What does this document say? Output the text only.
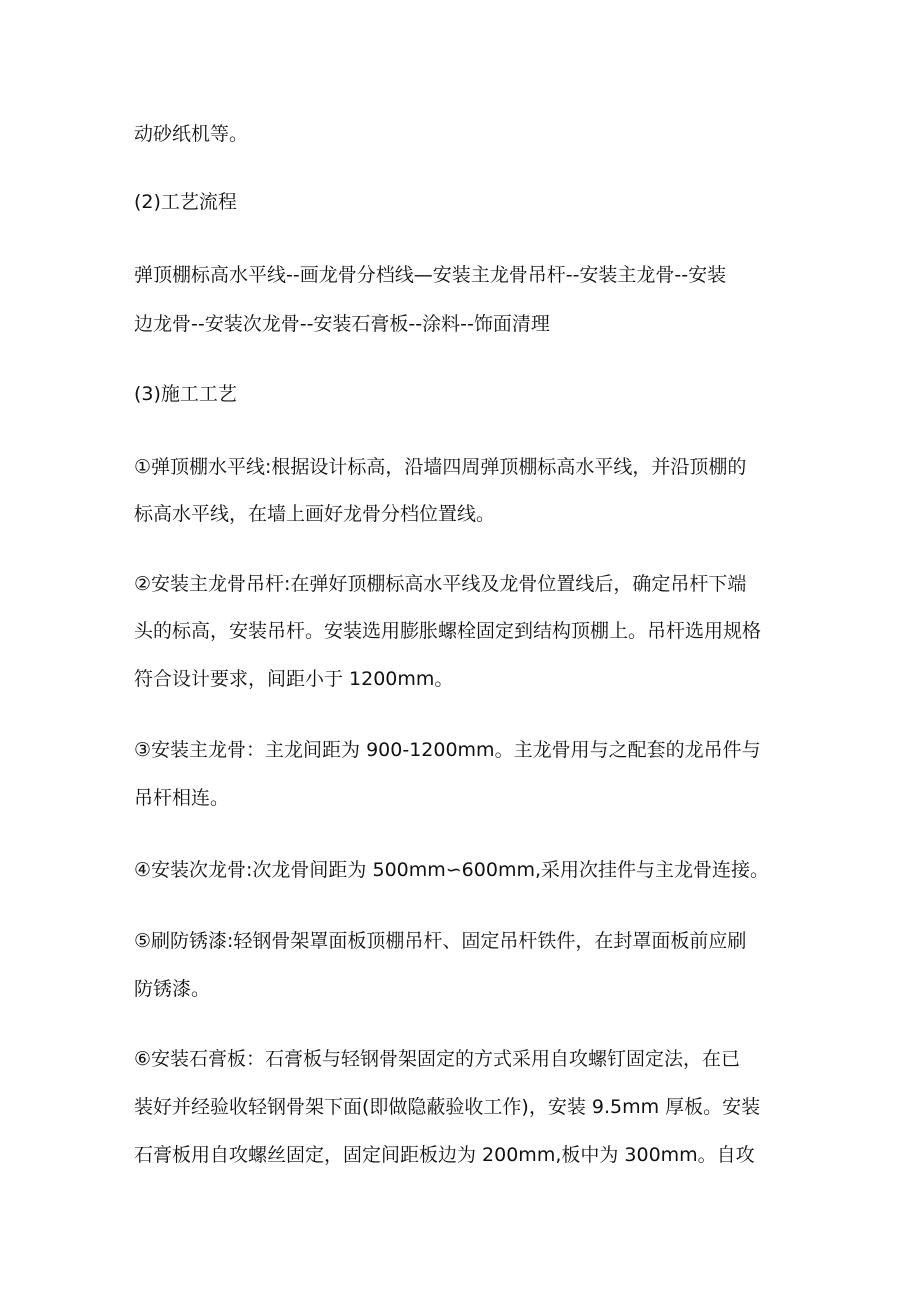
动砂纸机等。
(2)工艺流程
弹顶棚标高水平线--画龙骨分档线—安装主龙骨吊杆--安装主龙骨--安装
边龙骨--安装次龙骨--安装石膏板--涂料--饰面清理
(3)施工工艺
①弹顶棚水平线:根据设计标高，沿墙四周弹顶棚标高水平线，并沿顶棚的
标高水平线，在墙上画好龙骨分档位置线。
②安装主龙骨吊杆:在弹好顶棚标高水平线及龙骨位置线后，确定吊杆下端
头的标高，安装吊杆。安装选用膨胀螺栓固定到结构顶棚上。吊杆选用规格
符合设计要求，间距小于 1200mm。
③安装主龙骨：主龙间距为 900-1200mm。主龙骨用与之配套的龙吊件与
吊杆相连。
④安装次龙骨:次龙骨间距为 500mm∽600mm,采用次挂件与主龙骨连接。
⑤刷防锈漆:轻钢骨架罩面板顶棚吊杆、固定吊杆铁件，在封罩面板前应刷
防锈漆。
⑥安装石膏板：石膏板与轻钢骨架固定的方式采用自攻螺钉固定法，在已
装好并经验收轻钢骨架下面(即做隐蔽验收工作)，安装 9.5mm 厚板。安装
石膏板用自攻螺丝固定，固定间距板边为 200mm,板中为 300mm。自攻
